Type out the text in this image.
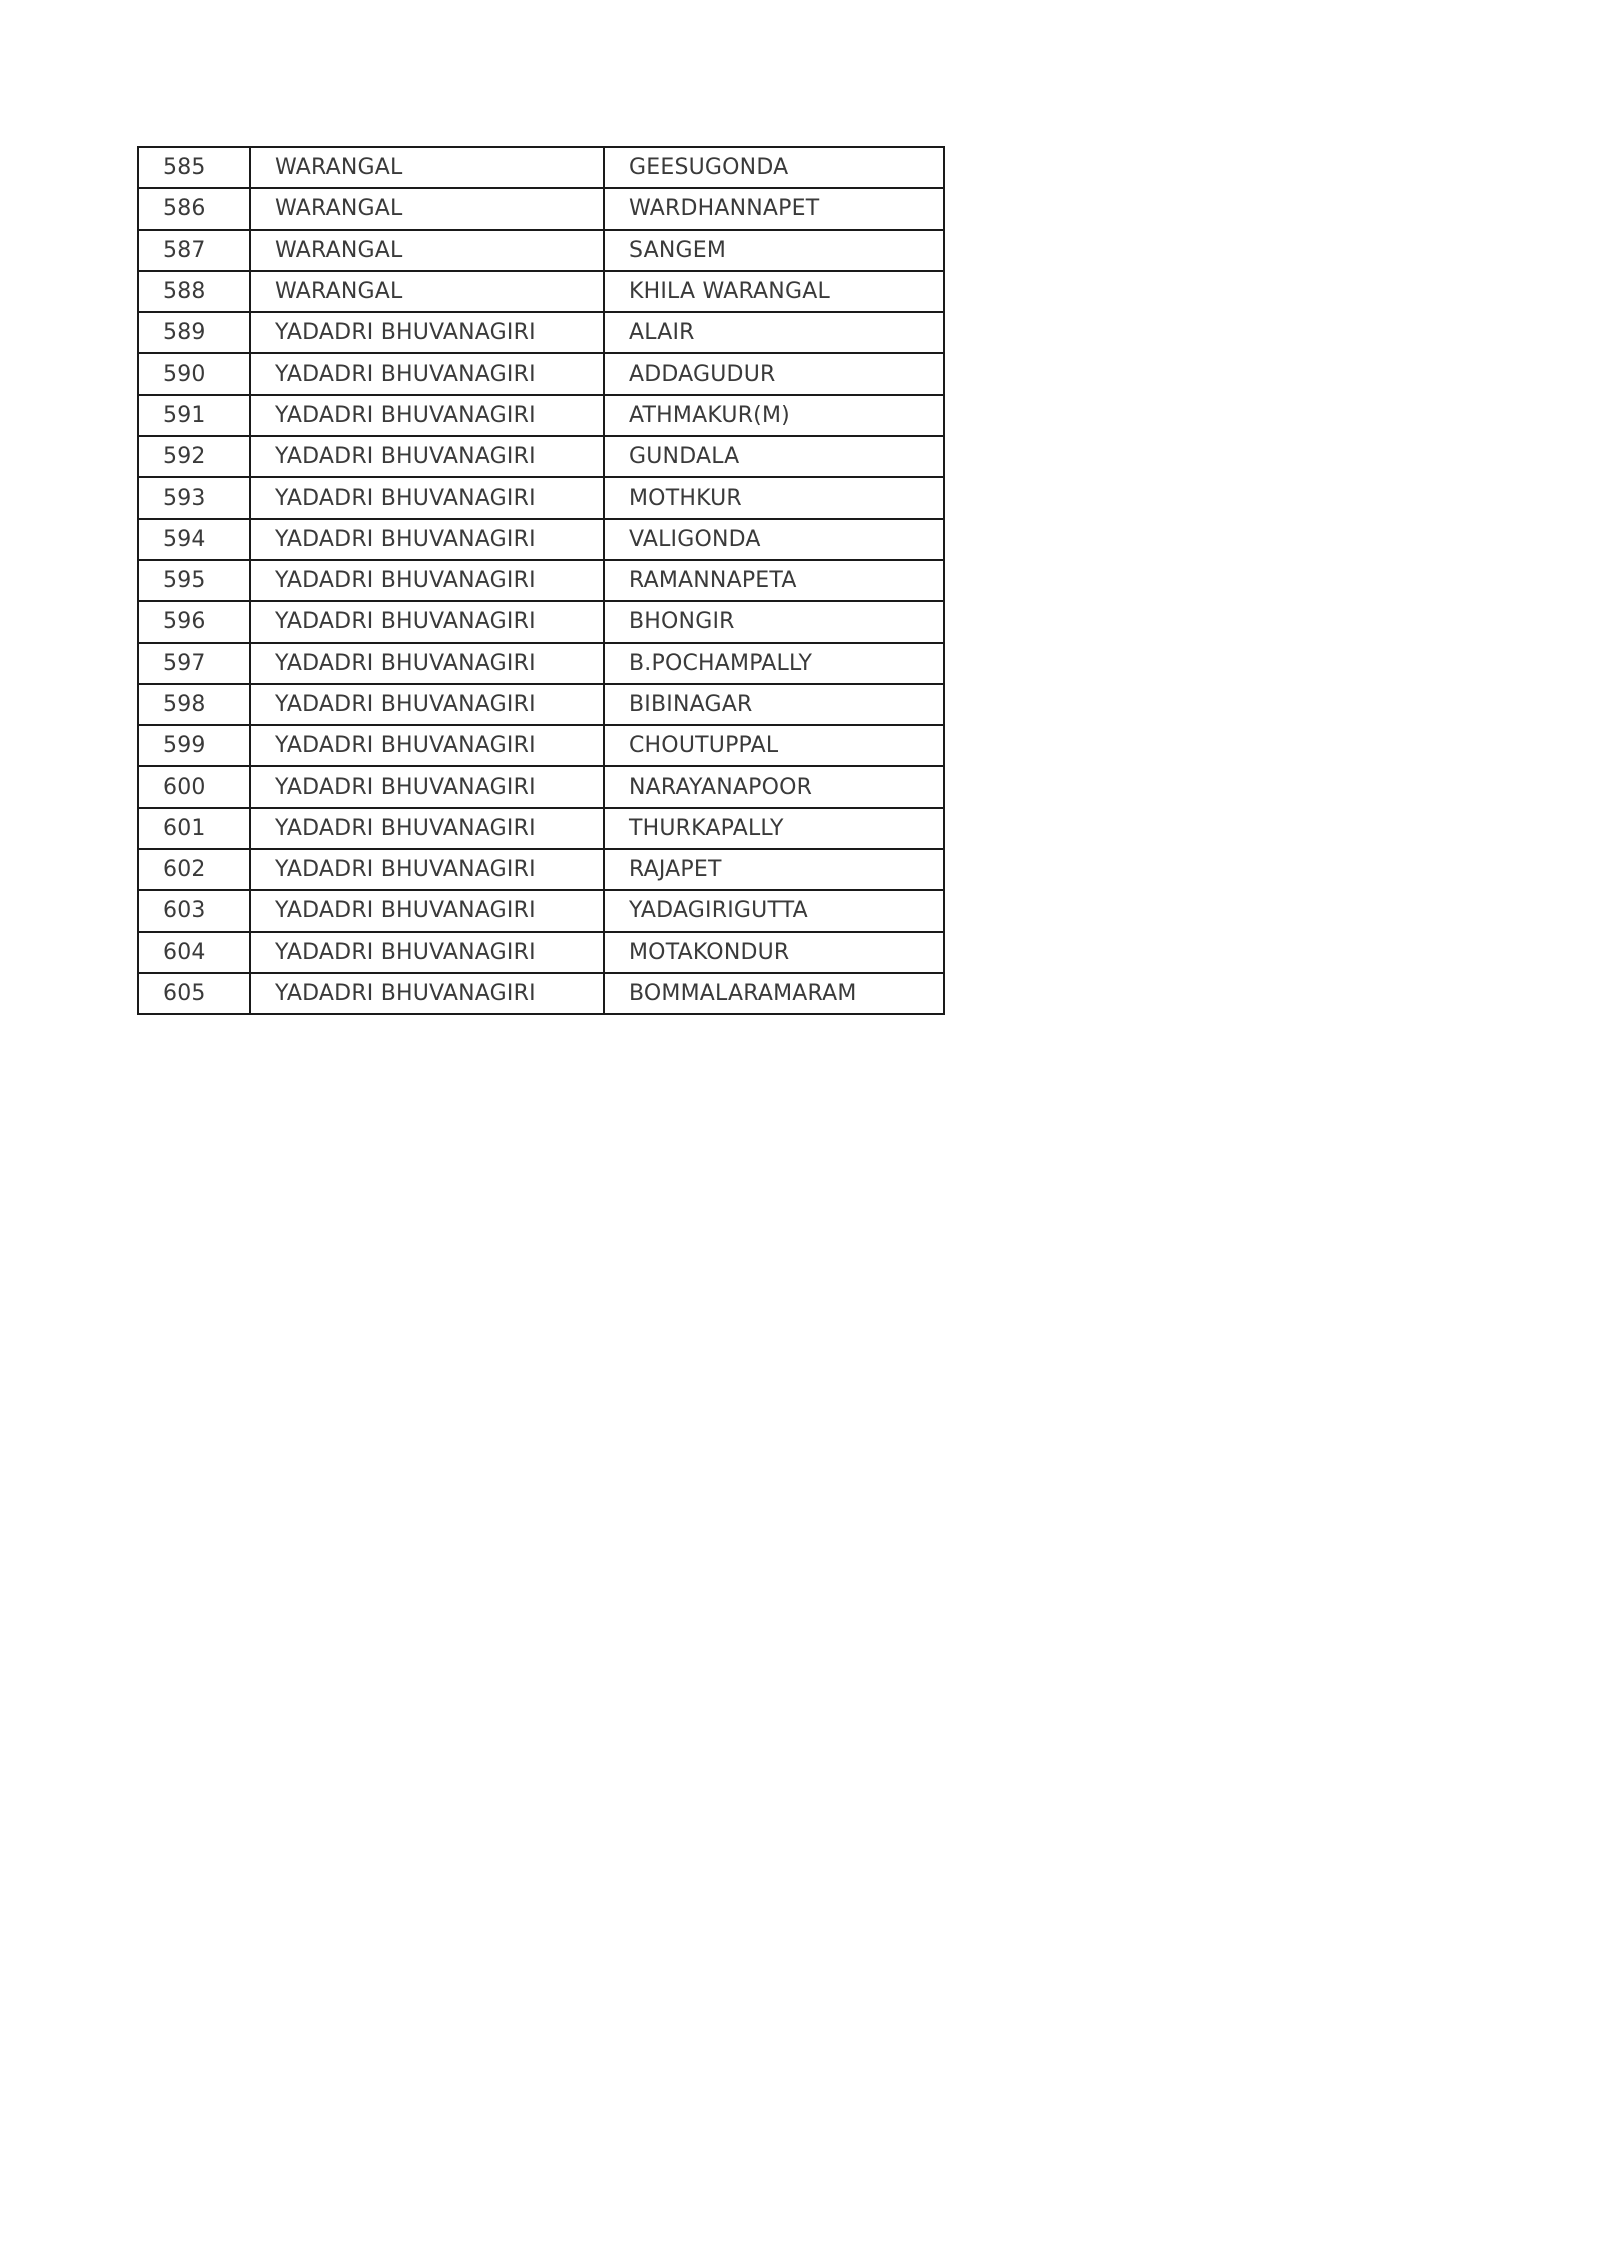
585	WARANGAL	GEESUGONDA
586	WARANGAL	WARDHANNAPET
587	WARANGAL	SANGEM
588	WARANGAL	KHILA WARANGAL
589	YADADRI BHUVANAGIRI	ALAIR
590	YADADRI BHUVANAGIRI	ADDAGUDUR
591	YADADRI BHUVANAGIRI	ATHMAKUR(M)
592	YADADRI BHUVANAGIRI	GUNDALA
593	YADADRI BHUVANAGIRI	MOTHKUR
594	YADADRI BHUVANAGIRI	VALIGONDA
595	YADADRI BHUVANAGIRI	RAMANNAPETA
596	YADADRI BHUVANAGIRI	BHONGIR
597	YADADRI BHUVANAGIRI	B.POCHAMPALLY
598	YADADRI BHUVANAGIRI	BIBINAGAR
599	YADADRI BHUVANAGIRI	CHOUTUPPAL
600	YADADRI BHUVANAGIRI	NARAYANAPOOR
601	YADADRI BHUVANAGIRI	THURKAPALLY
602	YADADRI BHUVANAGIRI	RAJAPET
603	YADADRI BHUVANAGIRI	YADAGIRIGUTTA
604	YADADRI BHUVANAGIRI	MOTAKONDUR
605	YADADRI BHUVANAGIRI	BOMMALARAMARAM
